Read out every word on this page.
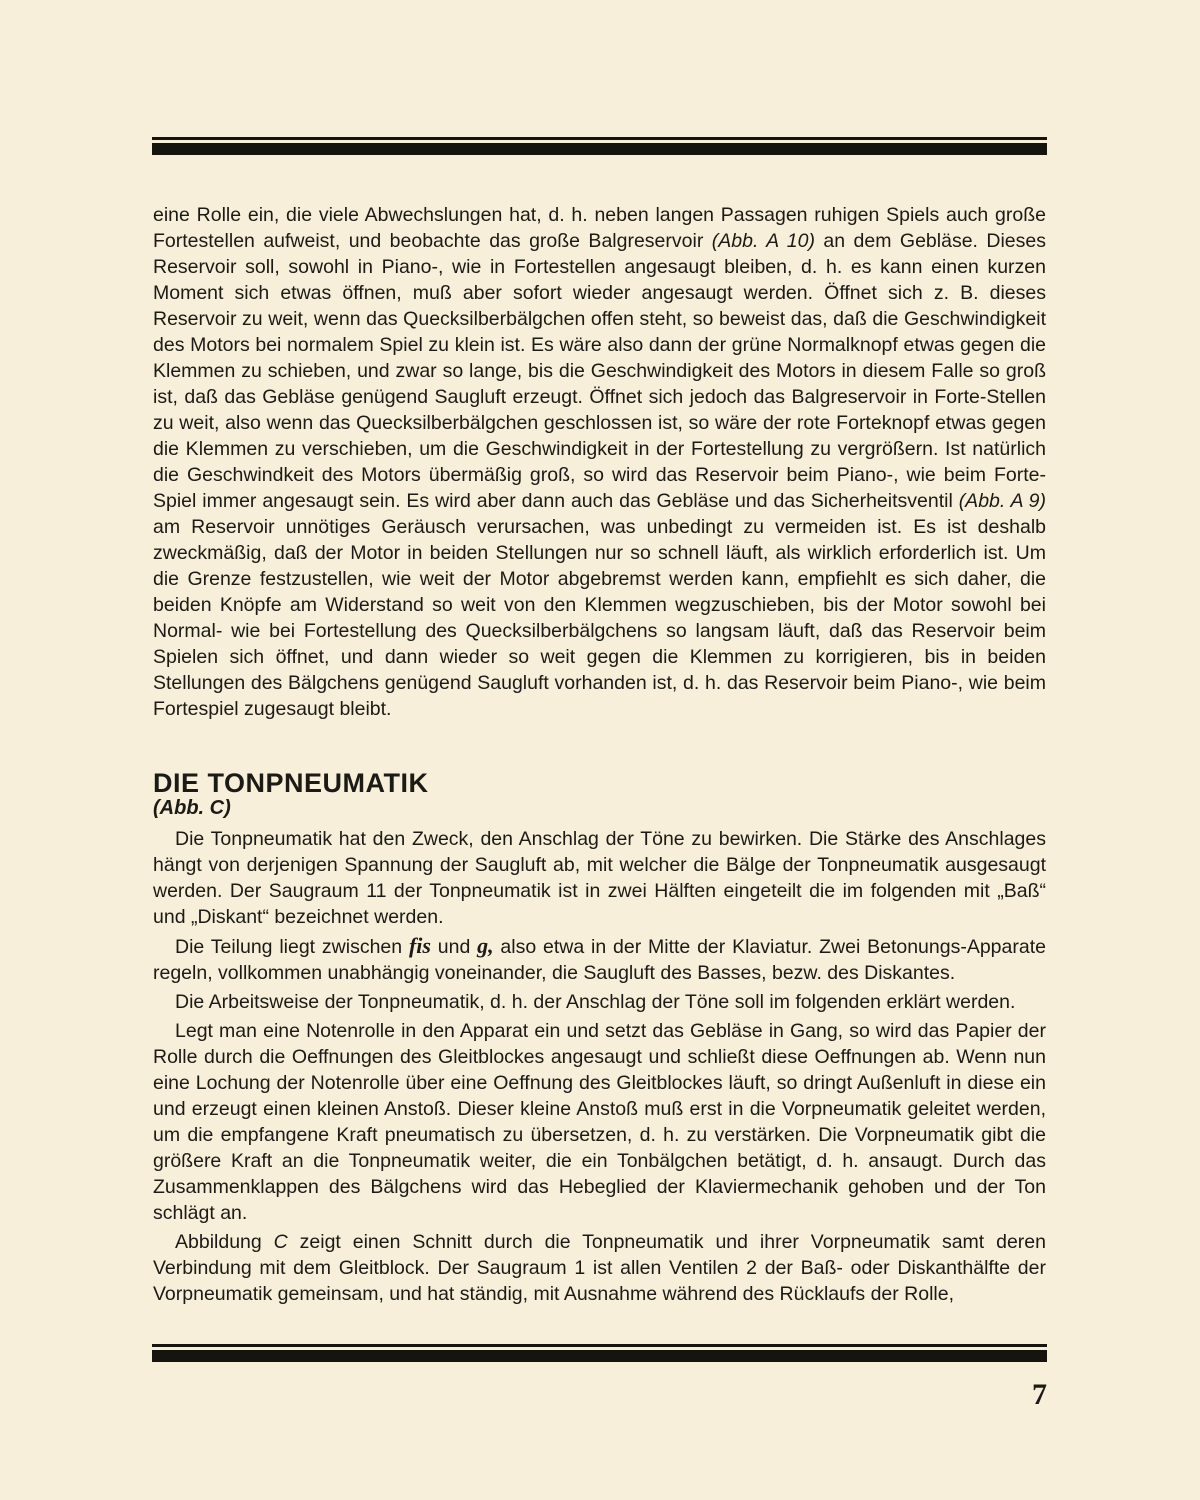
eine Rolle ein, die viele Abwechslungen hat, d. h. neben langen Passagen ruhigen Spiels auch große Fortestellen aufweist, und beobachte das große Balgreservoir (Abb. A 10) an dem Gebläse. Dieses Reservoir soll, sowohl in Piano-, wie in Fortestellen angesaugt bleiben, d. h. es kann einen kurzen Moment sich etwas öffnen, muß aber sofort wieder angesaugt werden. Öffnet sich z. B. dieses Reservoir zu weit, wenn das Quecksilberbälgchen offen steht, so beweist das, daß die Geschwindigkeit des Motors bei normalem Spiel zu klein ist. Es wäre also dann der grüne Normalknopf etwas gegen die Klemmen zu schieben, und zwar so lange, bis die Geschwindigkeit des Motors in diesem Falle so groß ist, daß das Gebläse genügend Saugluft erzeugt. Öffnet sich jedoch das Balgreservoir in Forte-Stellen zu weit, also wenn das Quecksilberbälgchen geschlossen ist, so wäre der rote Forteknopf etwas gegen die Klemmen zu verschieben, um die Geschwindigkeit in der Fortestellung zu vergrößern. Ist natürlich die Geschwindkeit des Motors übermäßig groß, so wird das Reservoir beim Piano-, wie beim Forte-Spiel immer angesaugt sein. Es wird aber dann auch das Gebläse und das Sicherheitsventil (Abb. A 9) am Reservoir unnötiges Geräusch verursachen, was unbedingt zu vermeiden ist. Es ist deshalb zweckmäßig, daß der Motor in beiden Stellungen nur so schnell läuft, als wirklich erforderlich ist. Um die Grenze festzustellen, wie weit der Motor abgebremst werden kann, empfiehlt es sich daher, die beiden Knöpfe am Widerstand so weit von den Klemmen wegzuschieben, bis der Motor sowohl bei Normal- wie bei Fortestellung des Quecksilberbälgchens so langsam läuft, daß das Reservoir beim Spielen sich öffnet, und dann wieder so weit gegen die Klemmen zu korrigieren, bis in beiden Stellungen des Bälgchens genügend Saugluft vorhanden ist, d. h. das Reservoir beim Piano-, wie beim Fortespiel zugesaugt bleibt.

DIE TONPNEUMATIK
(Abb. C)

Die Tonpneumatik hat den Zweck, den Anschlag der Töne zu bewirken. Die Stärke des Anschlages hängt von derjenigen Spannung der Saugluft ab, mit welcher die Bälge der Tonpneumatik ausgesaugt werden. Der Saugraum 11 der Tonpneumatik ist in zwei Hälften eingeteilt die im folgenden mit „Baß“ und „Diskant“ bezeichnet werden.

Die Teilung liegt zwischen fis und g, also etwa in der Mitte der Klaviatur. Zwei Betonungs-Apparate regeln, vollkommen unabhängig voneinander, die Saugluft des Basses, bezw. des Diskantes.

Die Arbeitsweise der Tonpneumatik, d. h. der Anschlag der Töne soll im folgenden erklärt werden.

Legt man eine Notenrolle in den Apparat ein und setzt das Gebläse in Gang, so wird das Papier der Rolle durch die Oeffnungen des Gleitblockes angesaugt und schließt diese Oeffnungen ab. Wenn nun eine Lochung der Notenrolle über eine Oeffnung des Gleitblockes läuft, so dringt Außenluft in diese ein und erzeugt einen kleinen Anstoß. Dieser kleine Anstoß muß erst in die Vorpneumatik geleitet werden, um die empfangene Kraft pneumatisch zu übersetzen, d. h. zu verstärken. Die Vorpneumatik gibt die größere Kraft an die Tonpneumatik weiter, die ein Tonbälgchen betätigt, d. h. ansaugt. Durch das Zusammenklappen des Bälgchens wird das Hebeglied der Klaviermechanik gehoben und der Ton schlägt an.

Abbildung C zeigt einen Schnitt durch die Tonpneumatik und ihrer Vorpneumatik samt deren Verbindung mit dem Gleitblock. Der Saugraum 1 ist allen Ventilen 2 der Baß- oder Diskanthälfte der Vorpneumatik gemeinsam, und hat ständig, mit Ausnahme während des Rücklaufs der Rolle,

7
